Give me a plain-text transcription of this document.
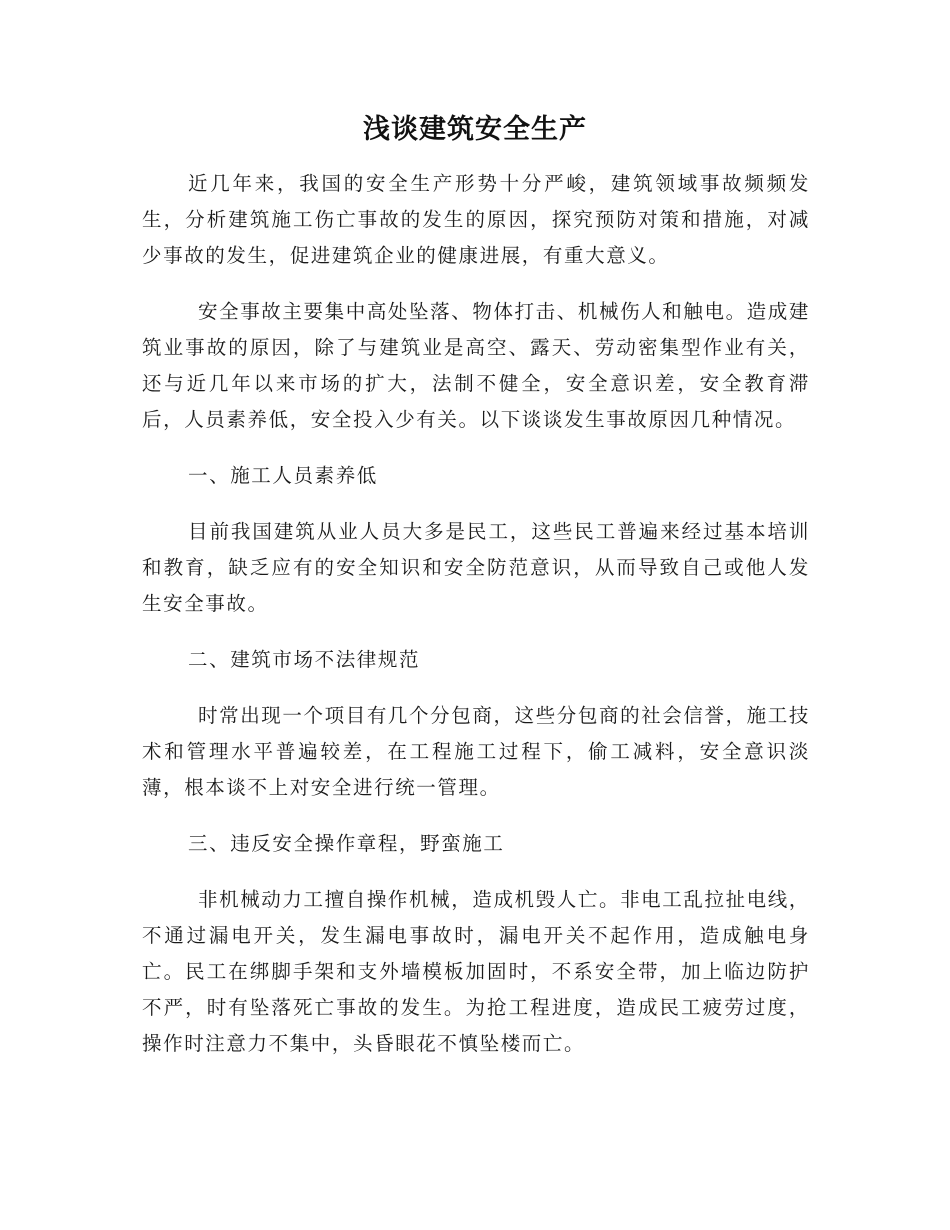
浅谈建筑安全生产

近几年来，我国的安全生产形势十分严峻，建筑领域事故频频发生，分析建筑施工伤亡事故的发生的原因，探究预防对策和措施，对减少事故的发生，促进建筑企业的健康进展，有重大意义。

安全事故主要集中高处坠落、物体打击、机械伤人和触电。造成建筑业事故的原因，除了与建筑业是高空、露天、劳动密集型作业有关，还与近几年以来市场的扩大，法制不健全，安全意识差，安全教育滞后，人员素养低，安全投入少有关。以下谈谈发生事故原因几种情况。

一、施工人员素养低

目前我国建筑从业人员大多是民工，这些民工普遍来经过基本培训和教育，缺乏应有的安全知识和安全防范意识，从而导致自己或他人发生安全事故。

二、建筑市场不法律规范

时常出现一个项目有几个分包商，这些分包商的社会信誉，施工技术和管理水平普遍较差，在工程施工过程下，偷工减料，安全意识淡薄，根本谈不上对安全进行统一管理。

三、违反安全操作章程，野蛮施工

非机械动力工擅自操作机械，造成机毁人亡。非电工乱拉扯电线，不通过漏电开关，发生漏电事故时，漏电开关不起作用，造成触电身亡。民工在绑脚手架和支外墙模板加固时，不系安全带，加上临边防护不严，时有坠落死亡事故的发生。为抢工程进度，造成民工疲劳过度，操作时注意力不集中，头昏眼花不慎坠楼而亡。
